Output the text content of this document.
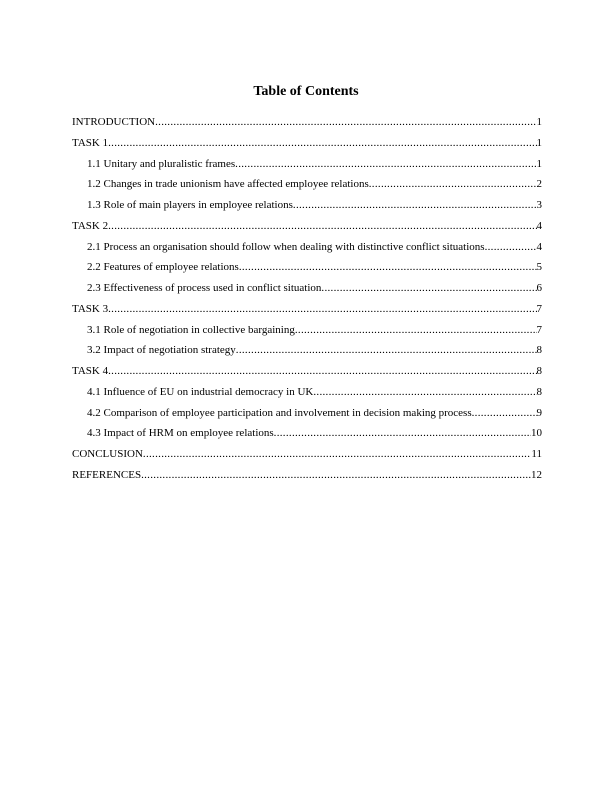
Table of Contents
INTRODUCTION .....	1
TASK 1 .....	1
1.1 Unitary and pluralistic frames .....	1
1.2 Changes in trade unionism have affected employee relations .....	2
1.3 Role of main players in employee relations .....	3
TASK 2 .....	4
2.1 Process an organisation should follow when dealing with distinctive conflict situations .....	4
2.2 Features of employee relations .....	5
2.3 Effectiveness of process used in conflict situation .....	6
TASK 3 .....	7
3.1 Role of negotiation in collective bargaining .....	7
3.2 Impact of negotiation strategy .....	8
TASK 4 .....	8
4.1 Influence of EU on industrial democracy in UK .....	8
4.2 Comparison of employee participation and involvement in decision making process .....	9
4.3 Impact of HRM on employee relations .....	10
CONCLUSION .....	11
REFERENCES .....	12
